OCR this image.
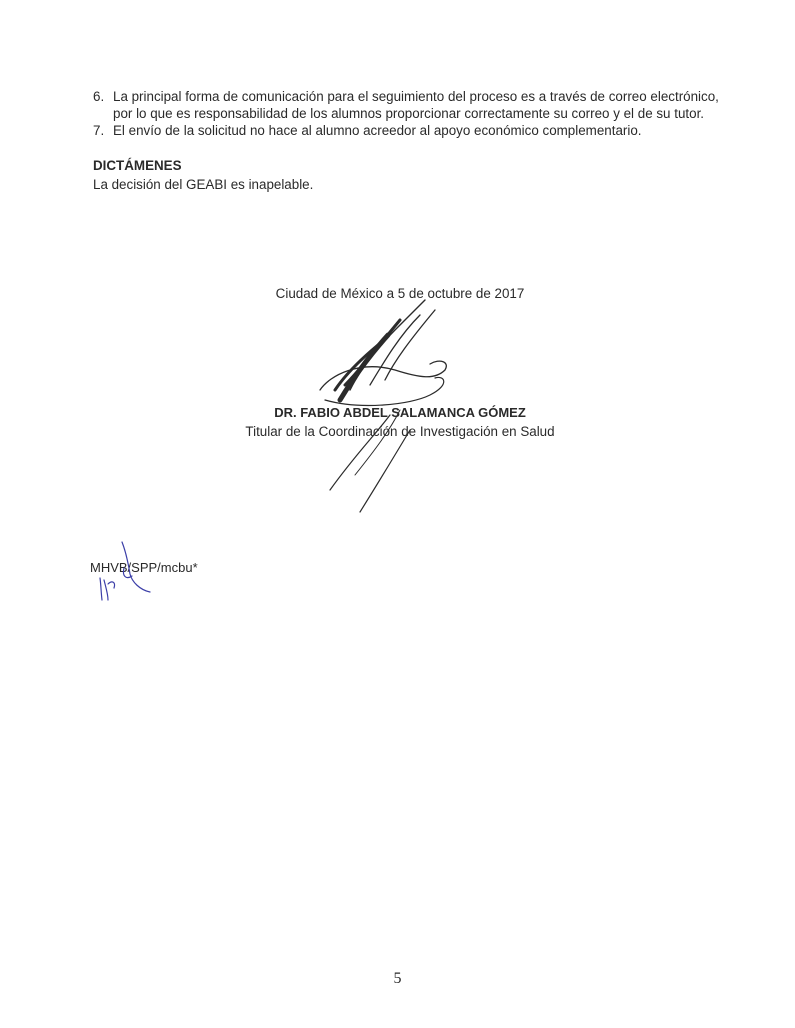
6. La principal forma de comunicación para el seguimiento del proceso es a través de correo electrónico,
por lo que es responsabilidad de los alumnos proporcionar correctamente su correo y el de su tutor.
7. El envío de la solicitud no hace al alumno acreedor al apoyo económico complementario.
DICTÁMENES
La decisión del GEABI es inapelable.
Ciudad de México a 5 de octubre de 2017
DR. FABIO ABDEL SALAMANCA GÓMEZ
Titular de la Coordinación de Investigación en Salud
MHVB/SPP/mcbu*
5
